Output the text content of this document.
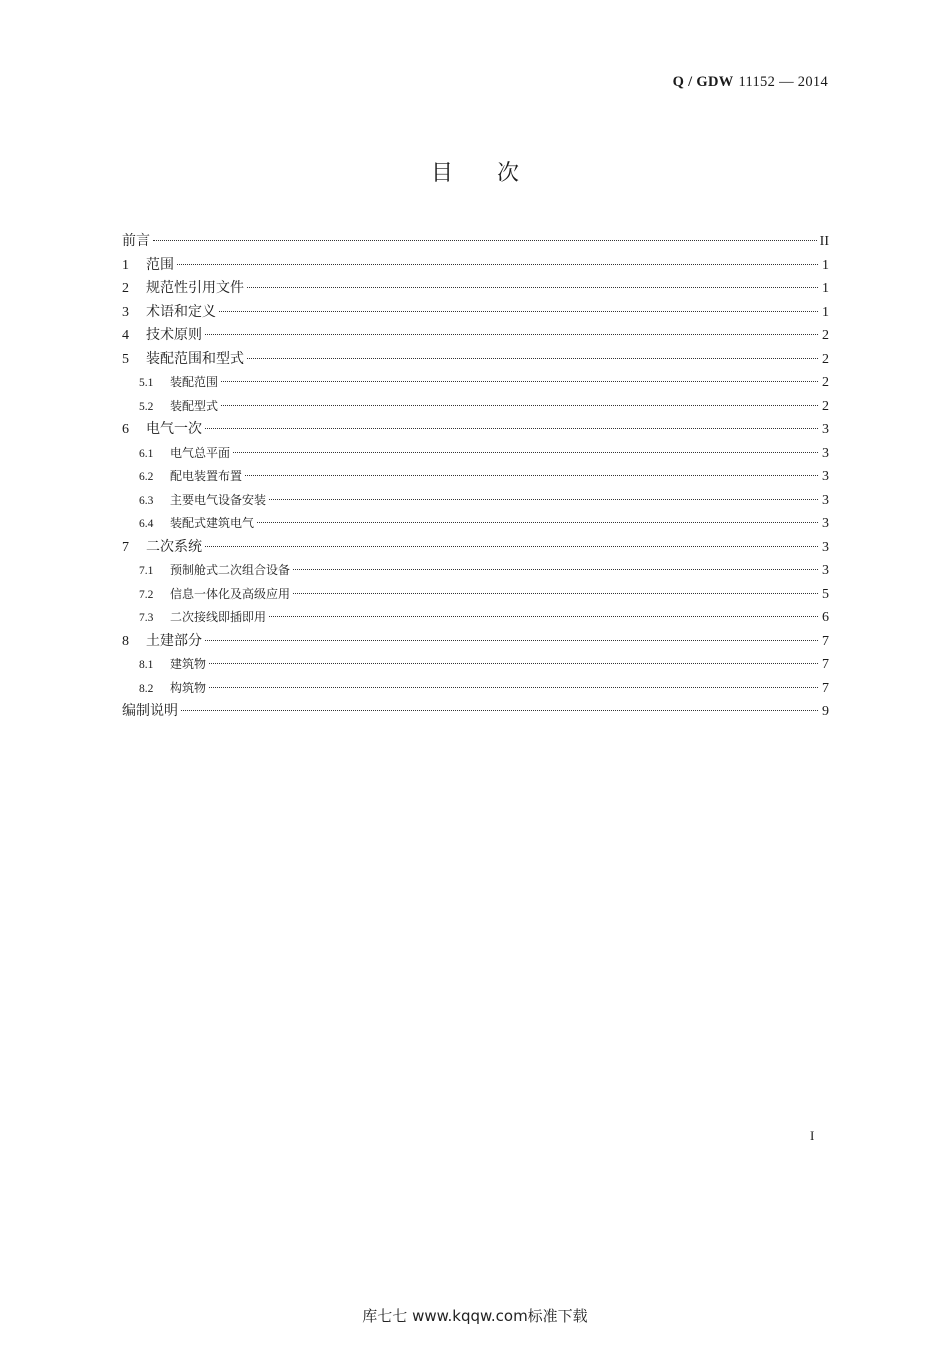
Q / GDW 11152 — 2014
目次
前言	II
1	范围	1
2	规范性引用文件	1
3	术语和定义	1
4	技术原则	2
5	装配范围和型式	2
5.1	装配范围	2
5.2	装配型式	2
6	电气一次	3
6.1	电气总平面	3
6.2	配电装置布置	3
6.3	主要电气设备安装	3
6.4	装配式建筑电气	3
7	二次系统	3
7.1	预制舱式二次组合设备	3
7.2	信息一体化及高级应用	5
7.3	二次接线即插即用	6
8	土建部分	7
8.1	建筑物	7
8.2	构筑物	7
编制说明	9
I
库七七 www.kqqw.com标准下载
